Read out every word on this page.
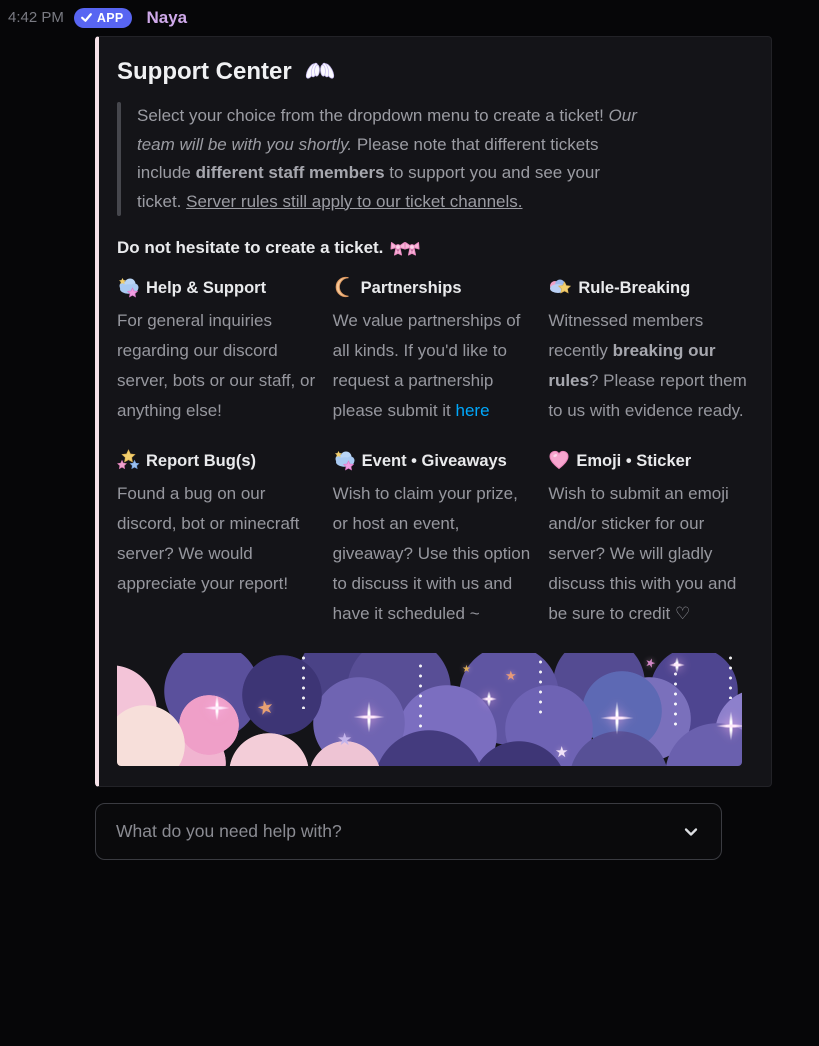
4:42 PM	APP Naya
Support Center
Select your choice from the dropdown menu to create a ticket! Our team will be with you shortly. Please note that different tickets include different staff members to support you and see your ticket. Server rules still apply to our ticket channels.
Do not hesitate to create a ticket.
Help & Support
For general inquiries regarding our discord server, bots or our staff, or anything else!
Partnerships
We value partnerships of all kinds. If you'd like to request a partnership please submit it here
Rule-Breaking
Witnessed members recently breaking our rules? Please report them to us with evidence ready.
Report Bug(s)
Found a bug on our discord, bot or minecraft server? We would appreciate your report!
Event • Giveaways
Wish to claim your prize, or host an event, giveaway? Use this option to discuss it with us and have it scheduled ~
Emoji • Sticker
Wish to submit an emoji and/or sticker for our server? We will gladly discuss this with you and be sure to credit ♡
★
★
★
★
★
★
What do you need help with?
